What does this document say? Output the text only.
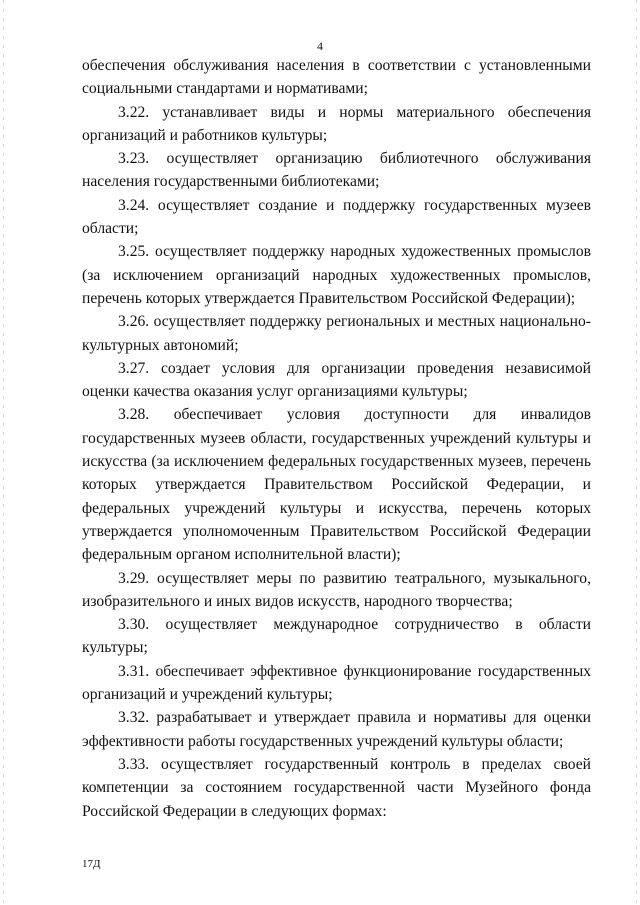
4

обеспечения обслуживания населения в соответствии с установленными социальными стандартами и нормативами;

3.22. устанавливает виды и нормы материального обеспечения организаций и работников культуры;

3.23. осуществляет организацию библиотечного обслуживания населения государственными библиотеками;

3.24. осуществляет создание и поддержку государственных музеев области;

3.25. осуществляет поддержку народных художественных промыслов (за исключением организаций народных художественных промыслов, перечень которых утверждается Правительством Российской Федерации);

3.26. осуществляет поддержку региональных и местных национально-культурных автономий;

3.27. создает условия для организации проведения независимой оценки качества оказания услуг организациями культуры;

3.28. обеспечивает условия доступности для инвалидов государственных музеев области, государственных учреждений культуры и искусства (за исключением федеральных государственных музеев, перечень которых утверждается Правительством Российской Федерации, и федеральных учреждений культуры и искусства, перечень которых утверждается уполномоченным Правительством Российской Федерации федеральным органом исполнительной власти);

3.29. осуществляет меры по развитию театрального, музыкального, изобразительного и иных видов искусств, народного творчества;

3.30. осуществляет международное сотрудничество в области культуры;

3.31. обеспечивает эффективное функционирование государственных организаций и учреждений культуры;

3.32. разрабатывает и утверждает правила и нормативы для оценки эффективности работы государственных учреждений культуры области;

3.33. осуществляет государственный контроль в пределах своей компетенции за состоянием государственной части Музейного фонда Российской Федерации в следующих формах:

17Д
